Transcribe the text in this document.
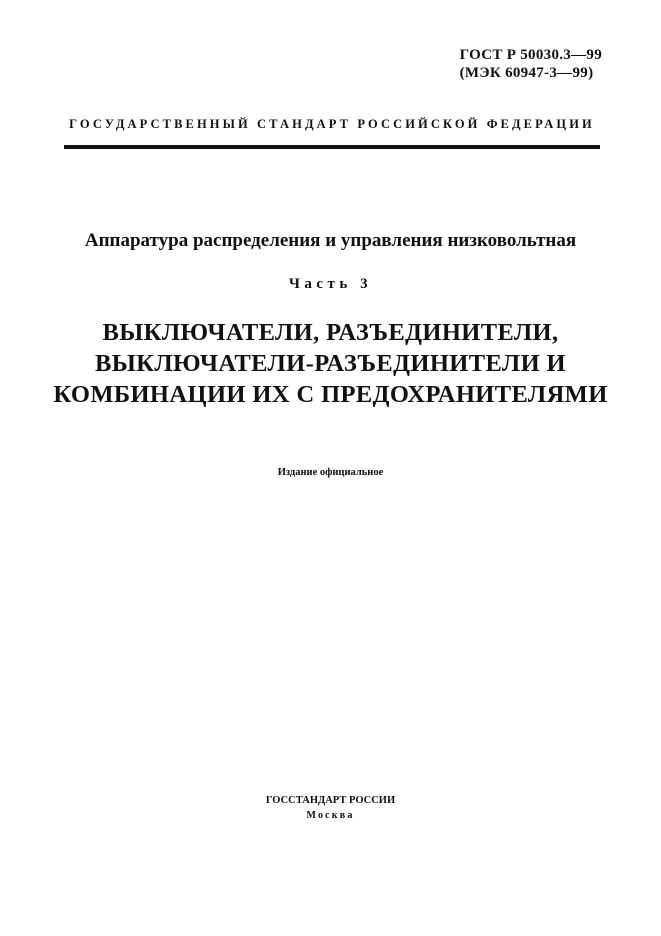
ГОСТ Р 50030.3—99
(МЭК 60947-3—99)
ГОСУДАРСТВЕННЫЙ СТАНДАРТ РОССИЙСКОЙ ФЕДЕРАЦИИ
Аппаратура распределения и управления низковольтная
Часть 3
ВЫКЛЮЧАТЕЛИ, РАЗЪЕДИНИТЕЛИ,
ВЫКЛЮЧАТЕЛИ-РАЗЪЕДИНИТЕЛИ И
КОМБИНАЦИИ ИХ С ПРЕДОХРАНИТЕЛЯМИ
Издание официальное
ГОССТАНДАРТ РОССИИ
Москва
